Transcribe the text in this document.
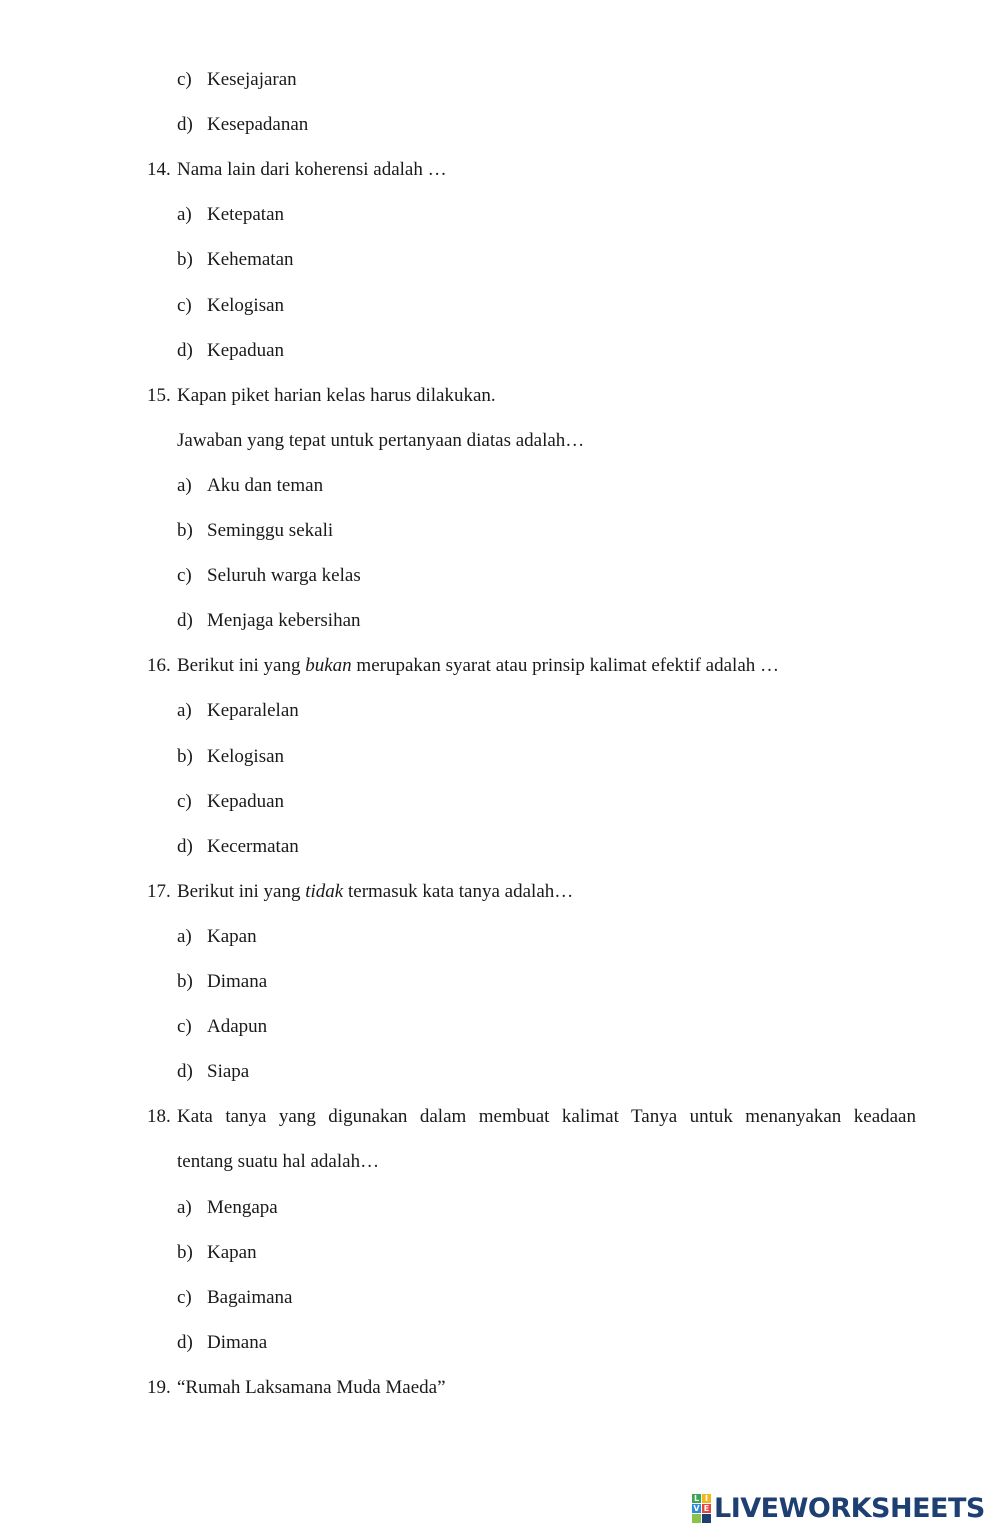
c) Kesejajaran
d) Kesepadanan
14. Nama lain dari koherensi adalah …
a) Ketepatan
b) Kehematan
c) Kelogisan
d) Kepaduan
15. Kapan piket harian kelas harus dilakukan.
Jawaban yang tepat untuk pertanyaan diatas adalah…
a) Aku dan teman
b) Seminggu sekali
c) Seluruh warga kelas
d) Menjaga kebersihan
16. Berikut ini yang bukan merupakan syarat atau prinsip kalimat efektif adalah …
a) Keparalelan
b) Kelogisan
c) Kepaduan
d) Kecermatan
17. Berikut ini yang tidak termasuk kata tanya adalah…
a) Kapan
b) Dimana
c) Adapun
d) Siapa
18. Kata tanya yang digunakan dalam membuat kalimat Tanya untuk menanyakan keadaan
tentang suatu hal adalah…
a) Mengapa
b) Kapan
c) Bagaimana
d) Dimana
19. “Rumah Laksamana Muda Maeda”
L I
V E LIVEWORKSHEETS
